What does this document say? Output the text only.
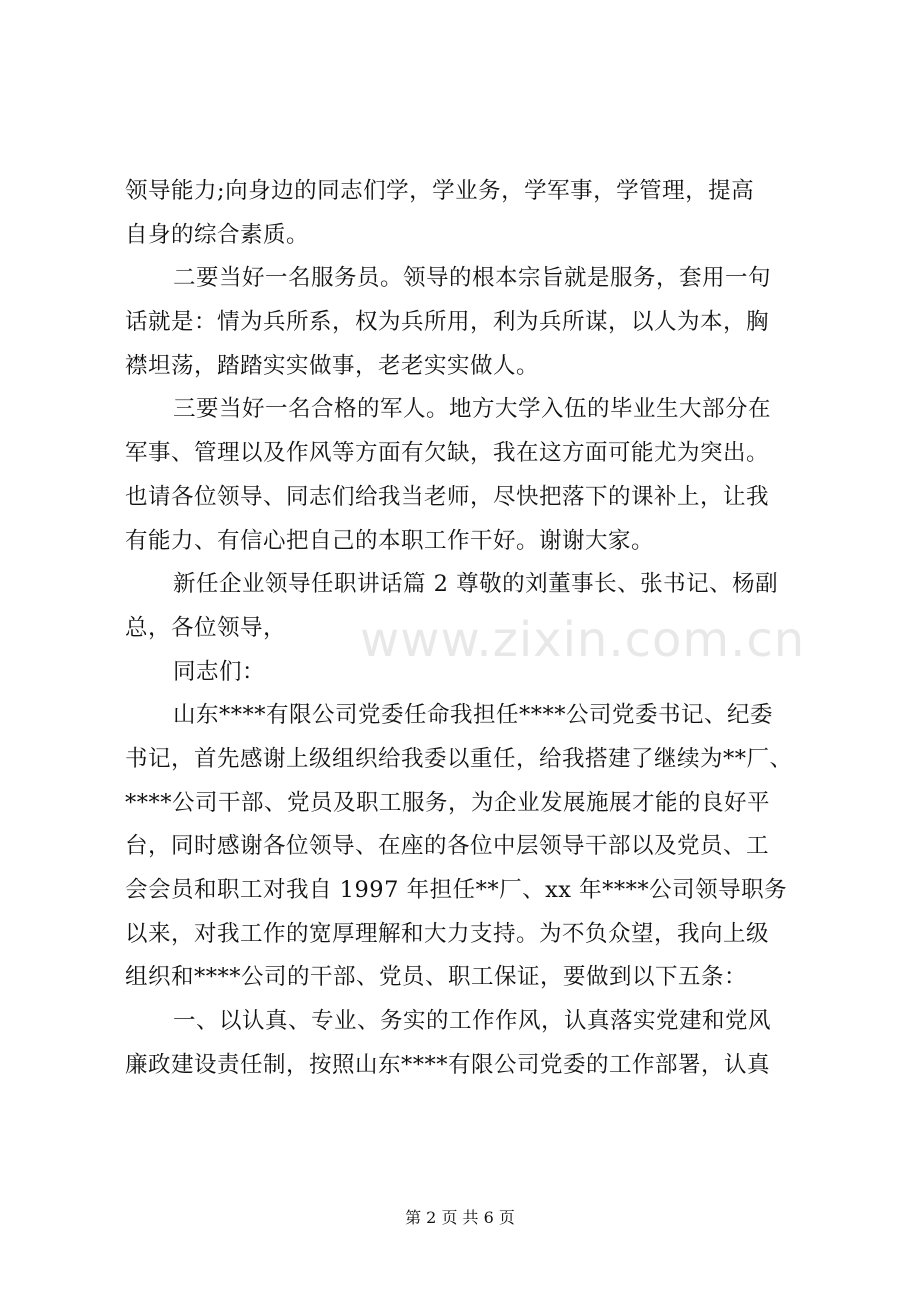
领导能力;向身边的同志们学，学业务，学军事，学管理，提高
自身的综合素质。
二要当好一名服务员。领导的根本宗旨就是服务，套用一句
话就是：情为兵所系，权为兵所用，利为兵所谋，以人为本，胸
襟坦荡，踏踏实实做事，老老实实做人。
三要当好一名合格的军人。地方大学入伍的毕业生大部分在
军事、管理以及作风等方面有欠缺，我在这方面可能尤为突出。
也请各位领导、同志们给我当老师，尽快把落下的课补上，让我
有能力、有信心把自己的本职工作干好。谢谢大家。
新任企业领导任职讲话篇 2 尊敬的刘董事长、张书记、杨副
总，各位领导，
同志们：
山东****有限公司党委任命我担任****公司党委书记、纪委
书记，首先感谢上级组织给我委以重任，给我搭建了继续为**厂、
****公司干部、党员及职工服务，为企业发展施展才能的良好平
台，同时感谢各位领导、在座的各位中层领导干部以及党员、工
会会员和职工对我自 1997 年担任**厂、xx 年****公司领导职务
以来，对我工作的宽厚理解和大力支持。为不负众望，我向上级
组织和****公司的干部、党员、职工保证，要做到以下五条：
一、以认真、专业、务实的工作作风，认真落实党建和党风
廉政建设责任制，按照山东****有限公司党委的工作部署，认真
www.zixin.com.cn
第 2 页 共 6 页
